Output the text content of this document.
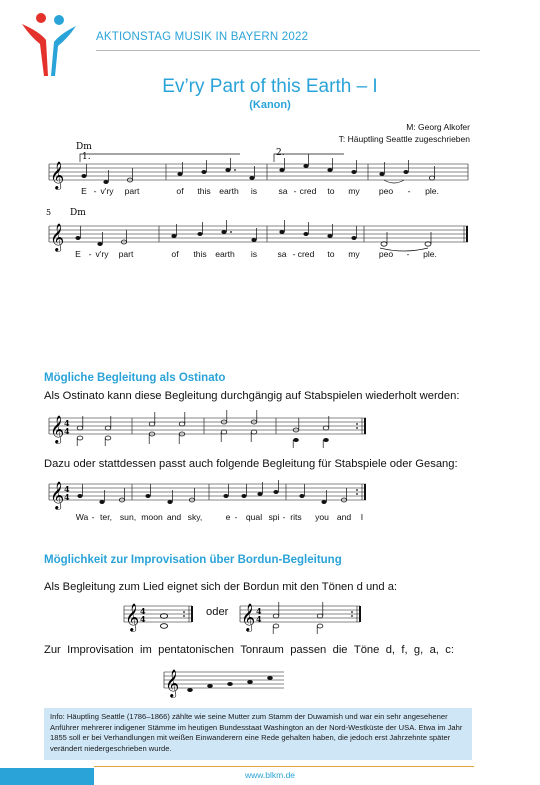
AKTIONSTAG MUSIK IN BAYERN 2022
Ev’ry Part of this Earth – I
(Kanon)
M: Georg Alkofer
T: Häuptling Seattle zugeschrieben
Dm
1.	2.
𝄞
5 Dm
𝄞
E - v'ry part	of this earth is sa - cred to my peo - ple.
E - v'ry part	of this earth is sa - cred to my peo - ple.
Mögliche Begleitung als Ostinato
Als Ostinato kann diese Begleitung durchgängig auf Stabspielen wiederholt werden:
𝄞 4
4
Dazu oder stattdessen passt auch folgende Begleitung für Stabspiele oder Gesang:
𝄞 4
4
Wa - ter, sun, moon and sky,	e - qual spi - rits you and I
Möglichkeit zur Improvisation über Bordun-Begleitung
Als Begleitung zum Lied eignet sich der Bordun mit den Tönen d und a:
𝄞 4
4
oder 𝄞 4
4
Zur Improvisation im pentatonischen Tonraum passen die Töne d, f, g, a, c:
𝄞
Info: Häuptling Seattle (1786–1866) zählte wie seine Mutter zum Stamm der Duwamish und war ein sehr angesehener Anführer mehrerer indigener Stämme im heutigen Bundesstaat Washington an der Nord-Westküste der USA. Etwa im Jahr 1855 soll er bei Verhandlungen mit weißen Einwanderern eine Rede gehalten haben, die jedoch erst Jahrzehnte später verändert niedergeschrieben wurde.
www.blkm.de
